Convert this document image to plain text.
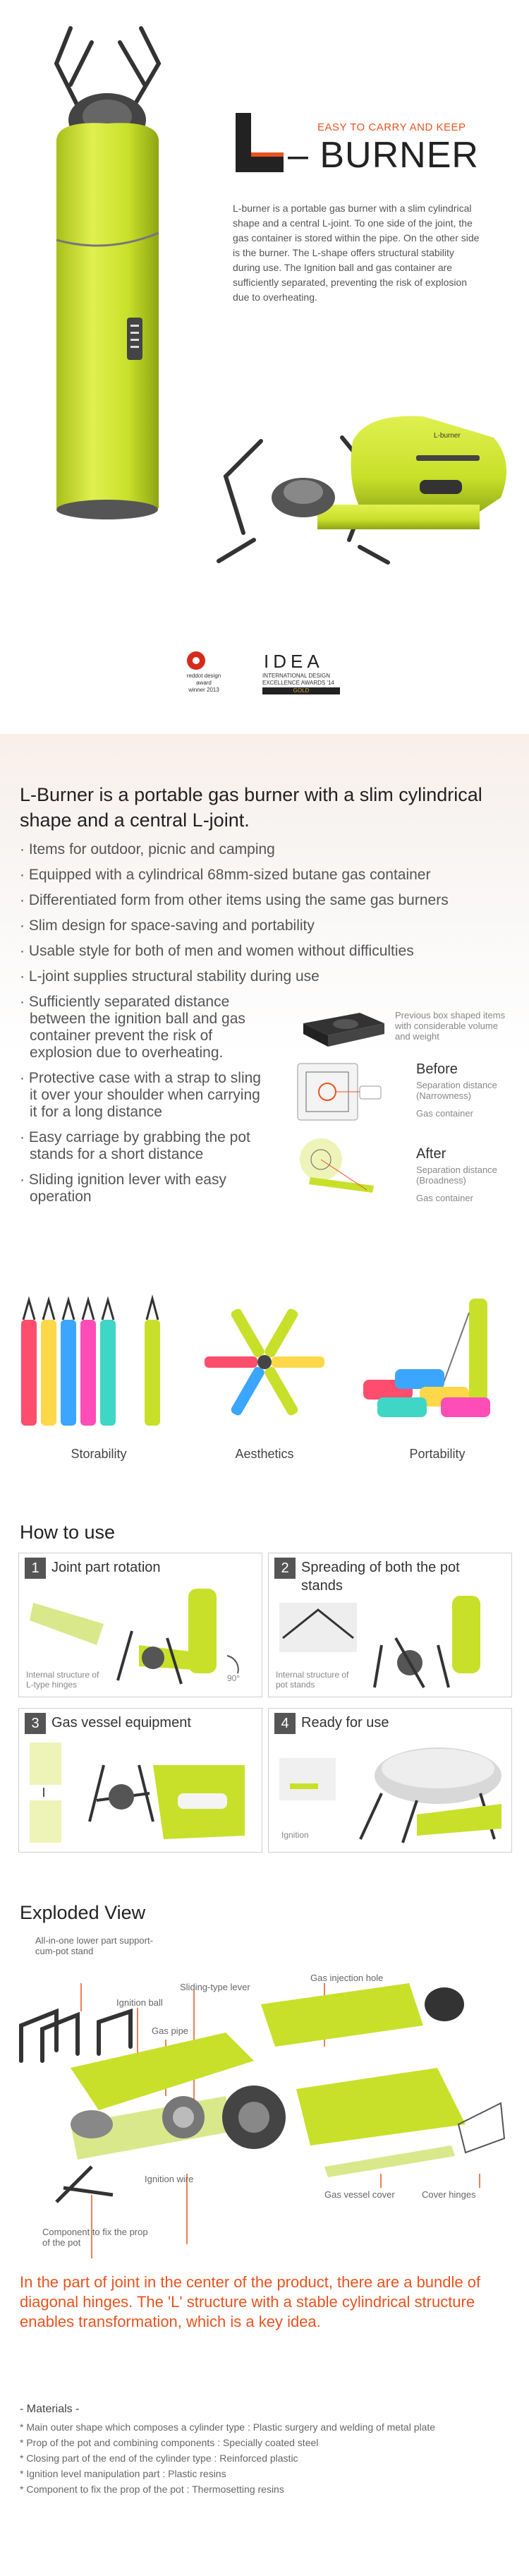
EASY TO CARRY AND KEEP
– BURNER
L-burner is a portable gas burner with a slim cylindrical shape and a central L-joint. To one side of the joint, the gas container is stored within the pipe. On the other side is the burner. The L-shape offers structural stability during use. The Ignition ball and gas container are sufficiently separated, preventing the risk of explosion due to overheating.
L-burner
reddot design award
winner 2013
IDEA
INTERNATIONAL DESIGN
EXCELLENCE AWARDS '14
GOLD
L-Burner is a portable gas burner with a slim cylindrical shape and a central L-joint.
· Items for outdoor, picnic and camping
· Equipped with a cylindrical 68mm-sized butane gas container
· Differentiated form from other items using the same gas burners
· Slim design for space-saving and portability
· Usable style for both of men and women without difficulties
· L-joint supplies structural stability during use
· Sufficiently separated distance between the ignition ball and gas container prevent the risk of explosion due to overheating.
· Protective case with a strap to sling it over your shoulder when carrying it for a long distance
· Easy carriage by grabbing the pot stands for a short distance
· Sliding ignition lever with easy operation
Previous box shaped items with considerable volume and weight
Before
Separation distance (Narrowness)
Gas container
After
Separation distance (Broadness)
Gas container
Storability	Aesthetics	Portability
How to use
1 Joint part rotation
Internal structure of L-type hinges
90°
2 Spreading of both the pot stands
Internal structure of pot stands
3 Gas vessel equipment	4 Ready for use
Ignition
Exploded View
All-in-one lower part support-cum-pot stand
Ignition ball
Sliding-type lever
Gas pipe
Gas injection hole
Ignition wire
Gas vessel cover	Cover hinges
Component to fix the prop of the pot
In the part of joint in the center of the product, there are a bundle of diagonal hinges. The 'L' structure with a stable cylindrical structure enables transformation, which is a key idea.
- Materials -
* Main outer shape which composes a cylinder type : Plastic surgery and welding of metal plate
* Prop of the pot and combining components : Specially coated steel
* Closing part of the end of the cylinder type : Reinforced plastic
* Ignition level manipulation part : Plastic resins
* Component to fix the prop of the pot : Thermosetting resins
